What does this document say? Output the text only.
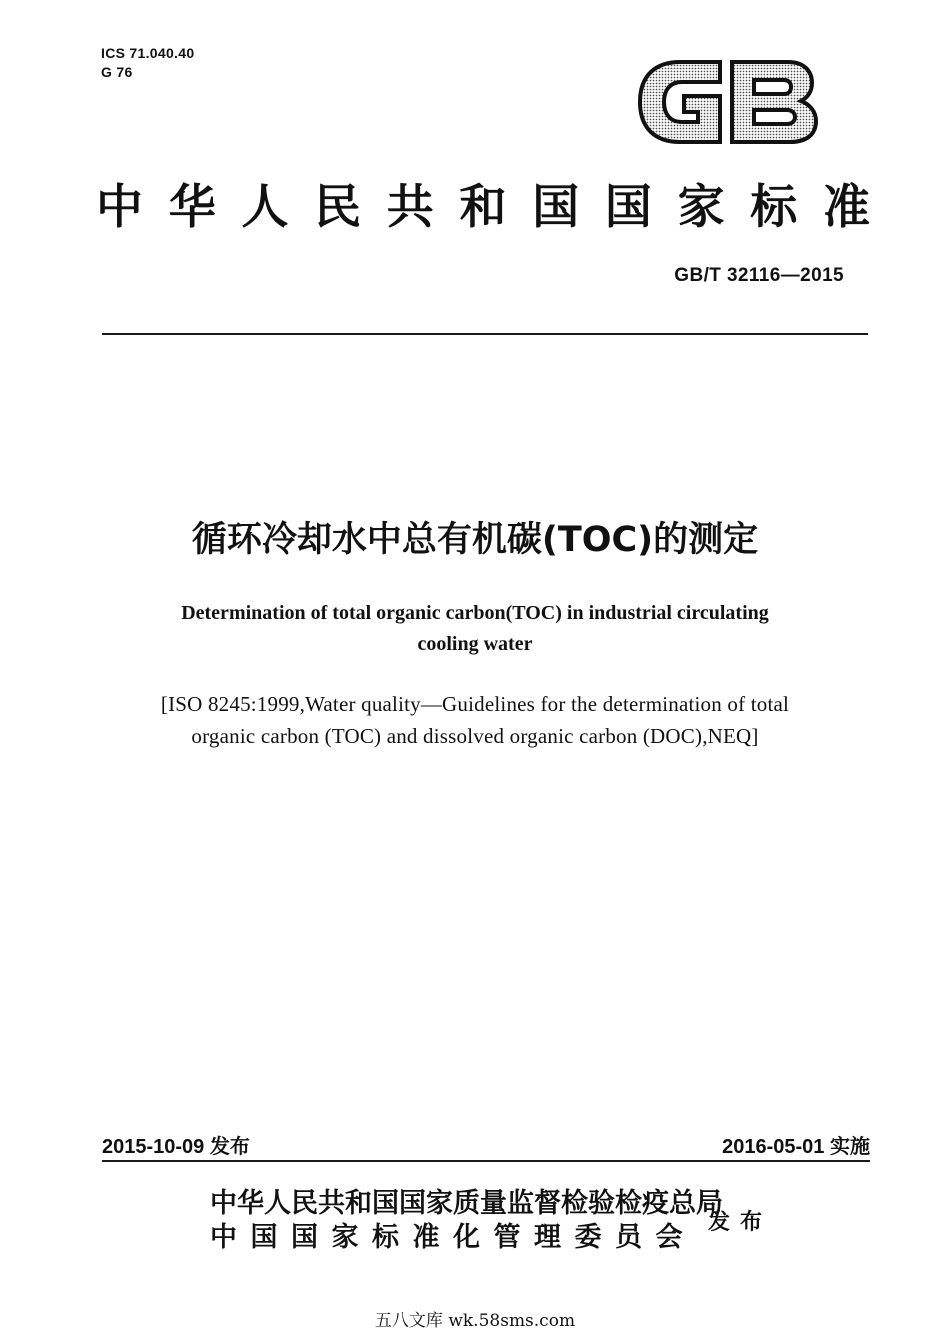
ICS 71.040.40
G 76
GB
中华人民共和国国家标准
GB/T 32116—2015
循环冷却水中总有机碳(TOC)的测定
Determination of total organic carbon(TOC) in industrial circulating
cooling water
[ISO 8245:1999,Water quality—Guidelines for the determination of total
organic carbon (TOC) and dissolved organic carbon (DOC),NEQ]
2015-10-09 发布	2016-05-01 实施
中华人民共和国国家质量监督检验检疫总局
中国国家标准化管理委员会 发布
五八文库 wk.58sms.com
